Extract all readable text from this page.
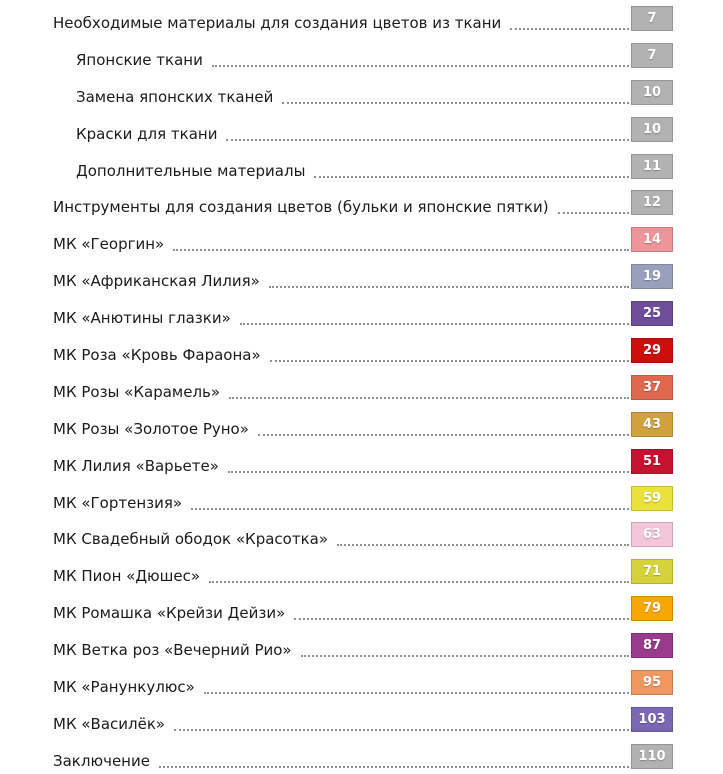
Необходимые материалы для создания цветов из ткани	7
Японские ткани	7
Замена японских тканей	10
Краски для ткани	10
Дополнительные материалы	11
Инструменты для создания цветов (бульки и японские пятки)	12
МК «Георгин»	14
МК «Африканская Лилия»	19
МК «Анютины глазки»	25
МК Роза «Кровь Фараона»	29
МК Розы «Карамель»	37
МК Розы «Золотое Руно»	43
МК Лилия «Варьете»	51
МК «Гортензия»	59
МК Свадебный ободок «Красотка»	63
МК Пион «Дюшес»	71
МК Ромашка «Крейзи Дейзи»	79
МК Ветка роз «Вечерний Рио»	87
МК «Ранункулюс»	95
МК «Василёк»	103
Заключение	110
